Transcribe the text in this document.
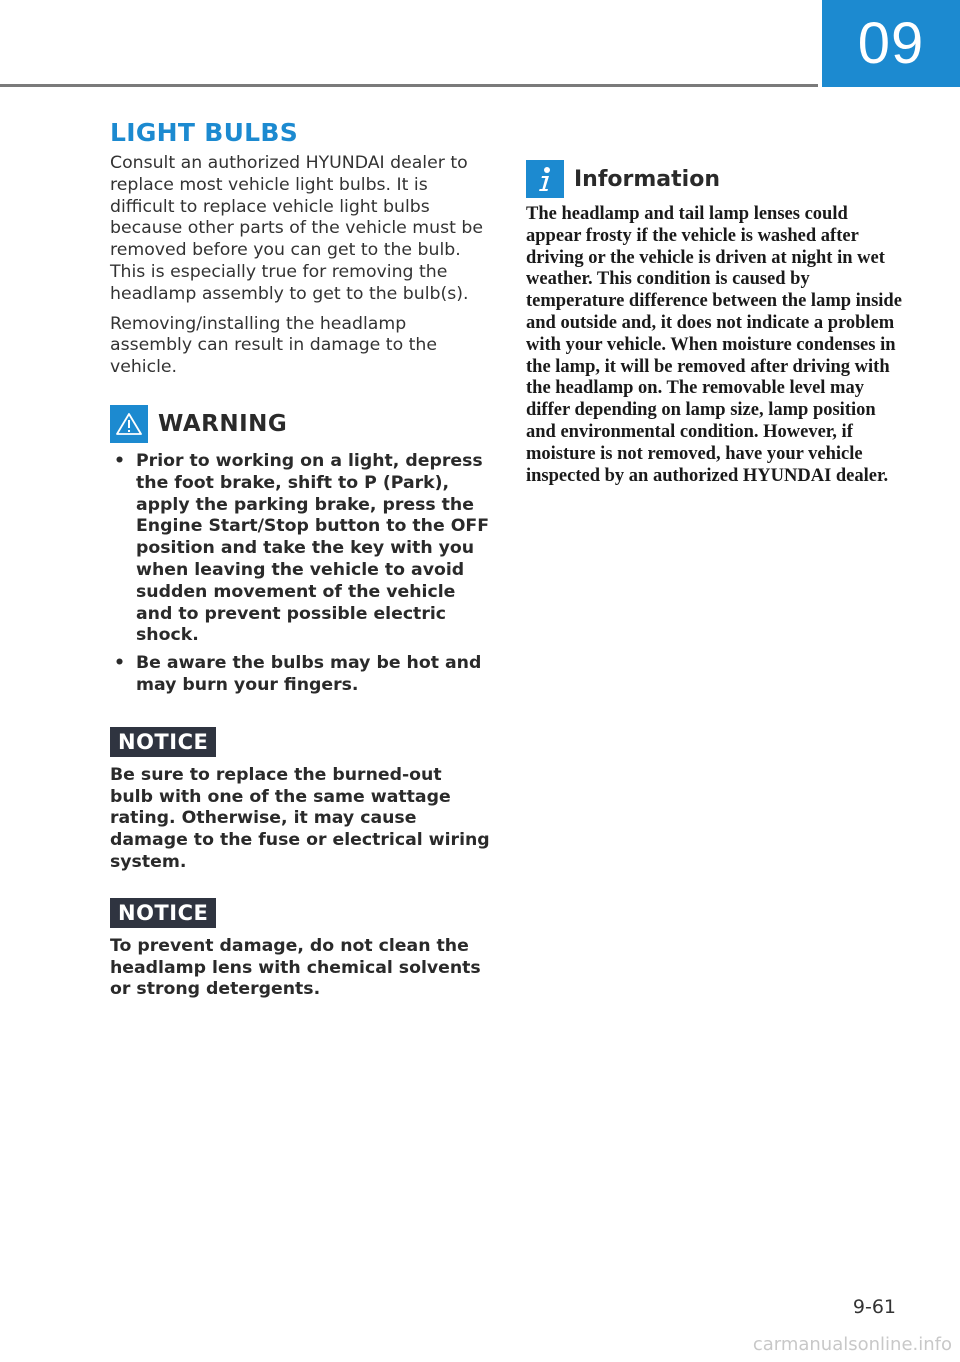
09
LIGHT BULBS

Consult an authorized HYUNDAI dealer to replace most vehicle light bulbs. It is difficult to replace vehicle light bulbs because other parts of the vehicle must be removed before you can get to the bulb. This is especially true for removing the headlamp assembly to get to the bulb(s).

Removing/installing the headlamp assembly can result in damage to the vehicle.

WARNING
• Prior to working on a light, depress the foot brake, shift to P (Park), apply the parking brake, press the Engine Start/Stop button to the OFF position and take the key with you when leaving the vehicle to avoid sudden movement of the vehicle and to prevent possible electric shock.
• Be aware the bulbs may be hot and may burn your fingers.
NOTICE

Be sure to replace the burned-out bulb with one of the same wattage rating. Otherwise, it may cause damage to the fuse or electrical wiring system.

NOTICE

To prevent damage, do not clean the headlamp lens with chemical solvents or strong detergents.

Information

The headlamp and tail lamp lenses could appear frosty if the vehicle is washed after driving or the vehicle is driven at night in wet weather. This condition is caused by temperature difference between the lamp inside and outside and, it does not indicate a problem with your vehicle. When moisture condenses in the lamp, it will be removed after driving with the headlamp on. The removable level may differ depending on lamp size, lamp position and environmental condition. However, if moisture is not removed, have your vehicle inspected by an authorized HYUNDAI dealer.

9-61
carmanualsonline.info
